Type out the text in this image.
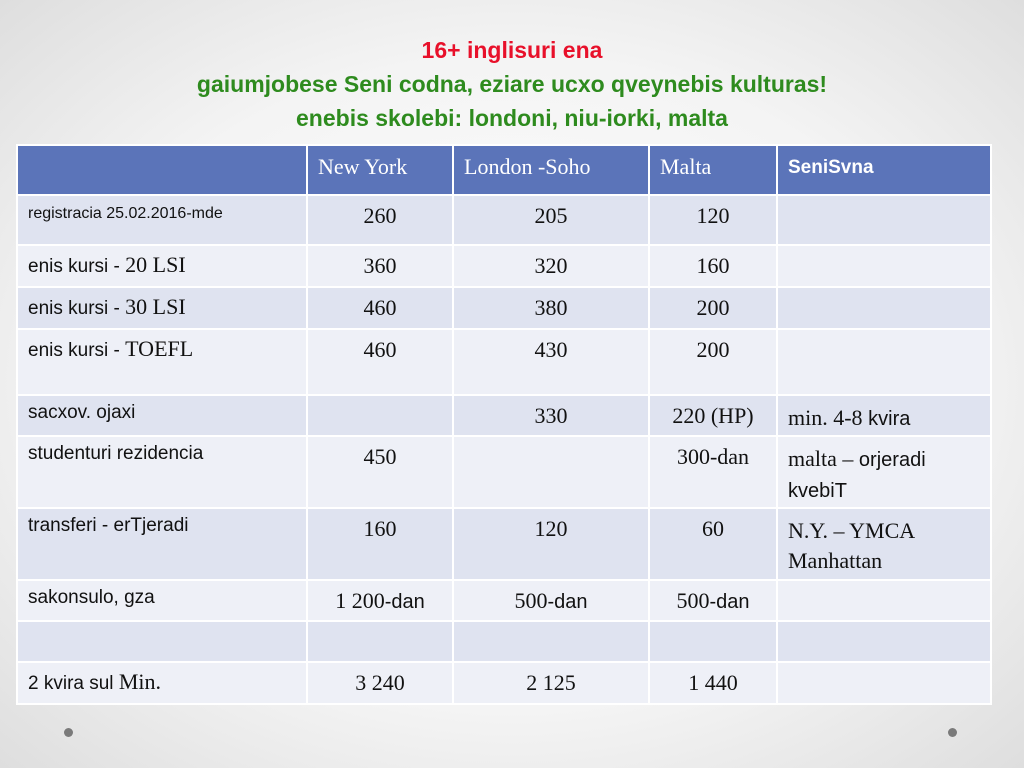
16+ inglisuri ena
gaiumjobese Seni codna, eziare ucxo qveynebis kulturas!
enebis skolebi: londoni, niu-iorki, malta
	New York	London -Soho	Malta	SeniSvna
registracia 25.02.2016-mde	260	205	120	
enis kursi - 20 LSI	360	320	160	
enis kursi - 30 LSI	460	380	200	
enis kursi - TOEFL	460	430	200	
sacxov. ojaxi		330	220 (HP)	min. 4-8 kvira
studenturi rezidencia	450		300-dan	malta – orjeradi
kvebiT
transferi - erTjeradi	160	120	60	N.Y. – YMCA
Manhattan
sakonsulo, gza	1 200-dan	500-dan	500-dan	

2 kvira sul Min.	3 240	2 125	1 440	
